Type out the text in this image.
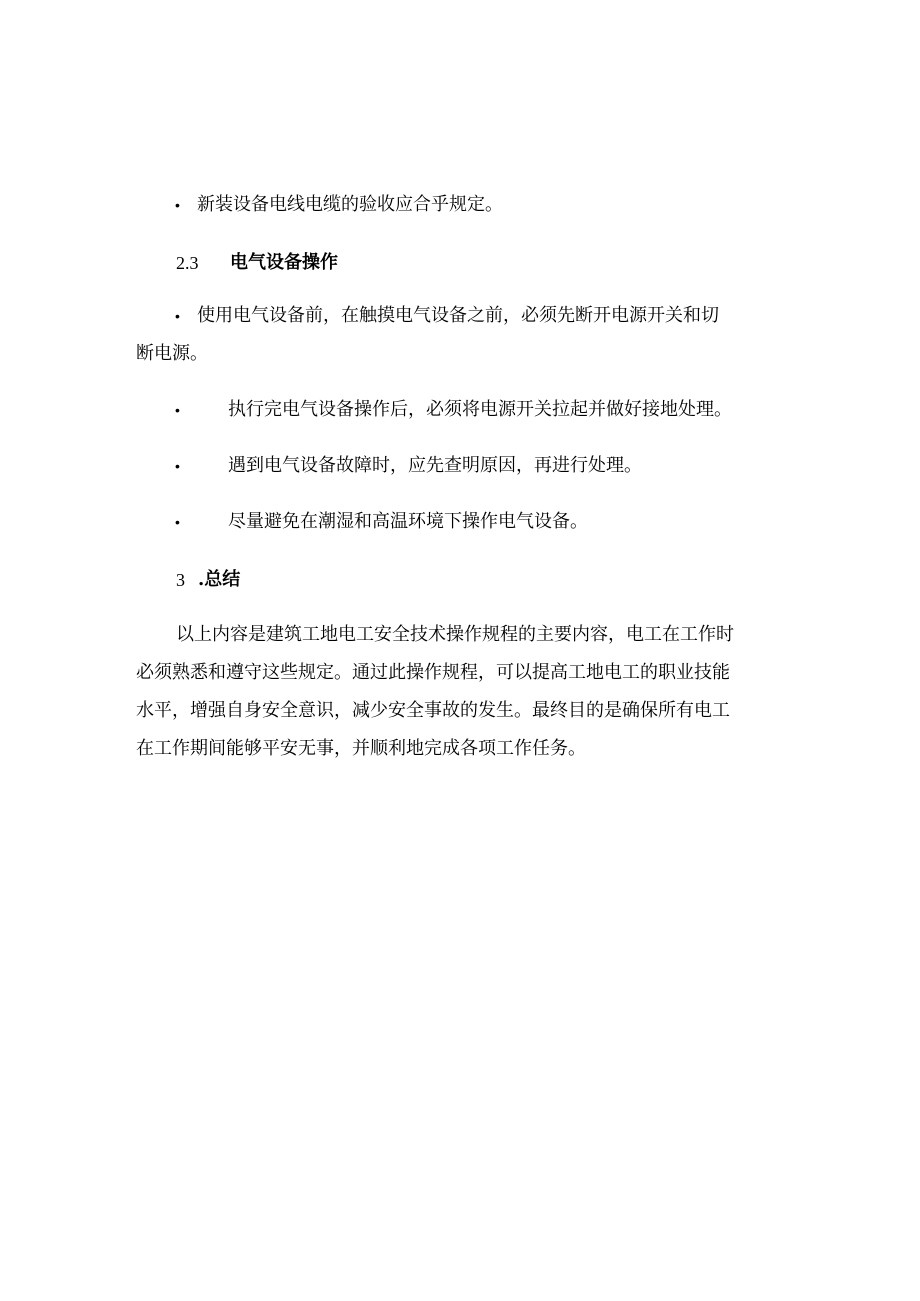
• 新装设备电线电缆的验收应合乎规定。
2.3 电气设备操作
• 使用电气设备前，在触摸电气设备之前，必须先断开电源开关和切
断电源。
•	执行完电气设备操作后，必须将电源开关拉起并做好接地处理。
•	遇到电气设备故障时，应先查明原因，再进行处理。
•	尽量避免在潮湿和高温环境下操作电气设备。
3 .总结
以上内容是建筑工地电工安全技术操作规程的主要内容，电工在工作时
必须熟悉和遵守这些规定。通过此操作规程，可以提高工地电工的职业技能
水平，增强自身安全意识，减少安全事故的发生。最终目的是确保所有电工
在工作期间能够平安无事，并顺利地完成各项工作任务。
